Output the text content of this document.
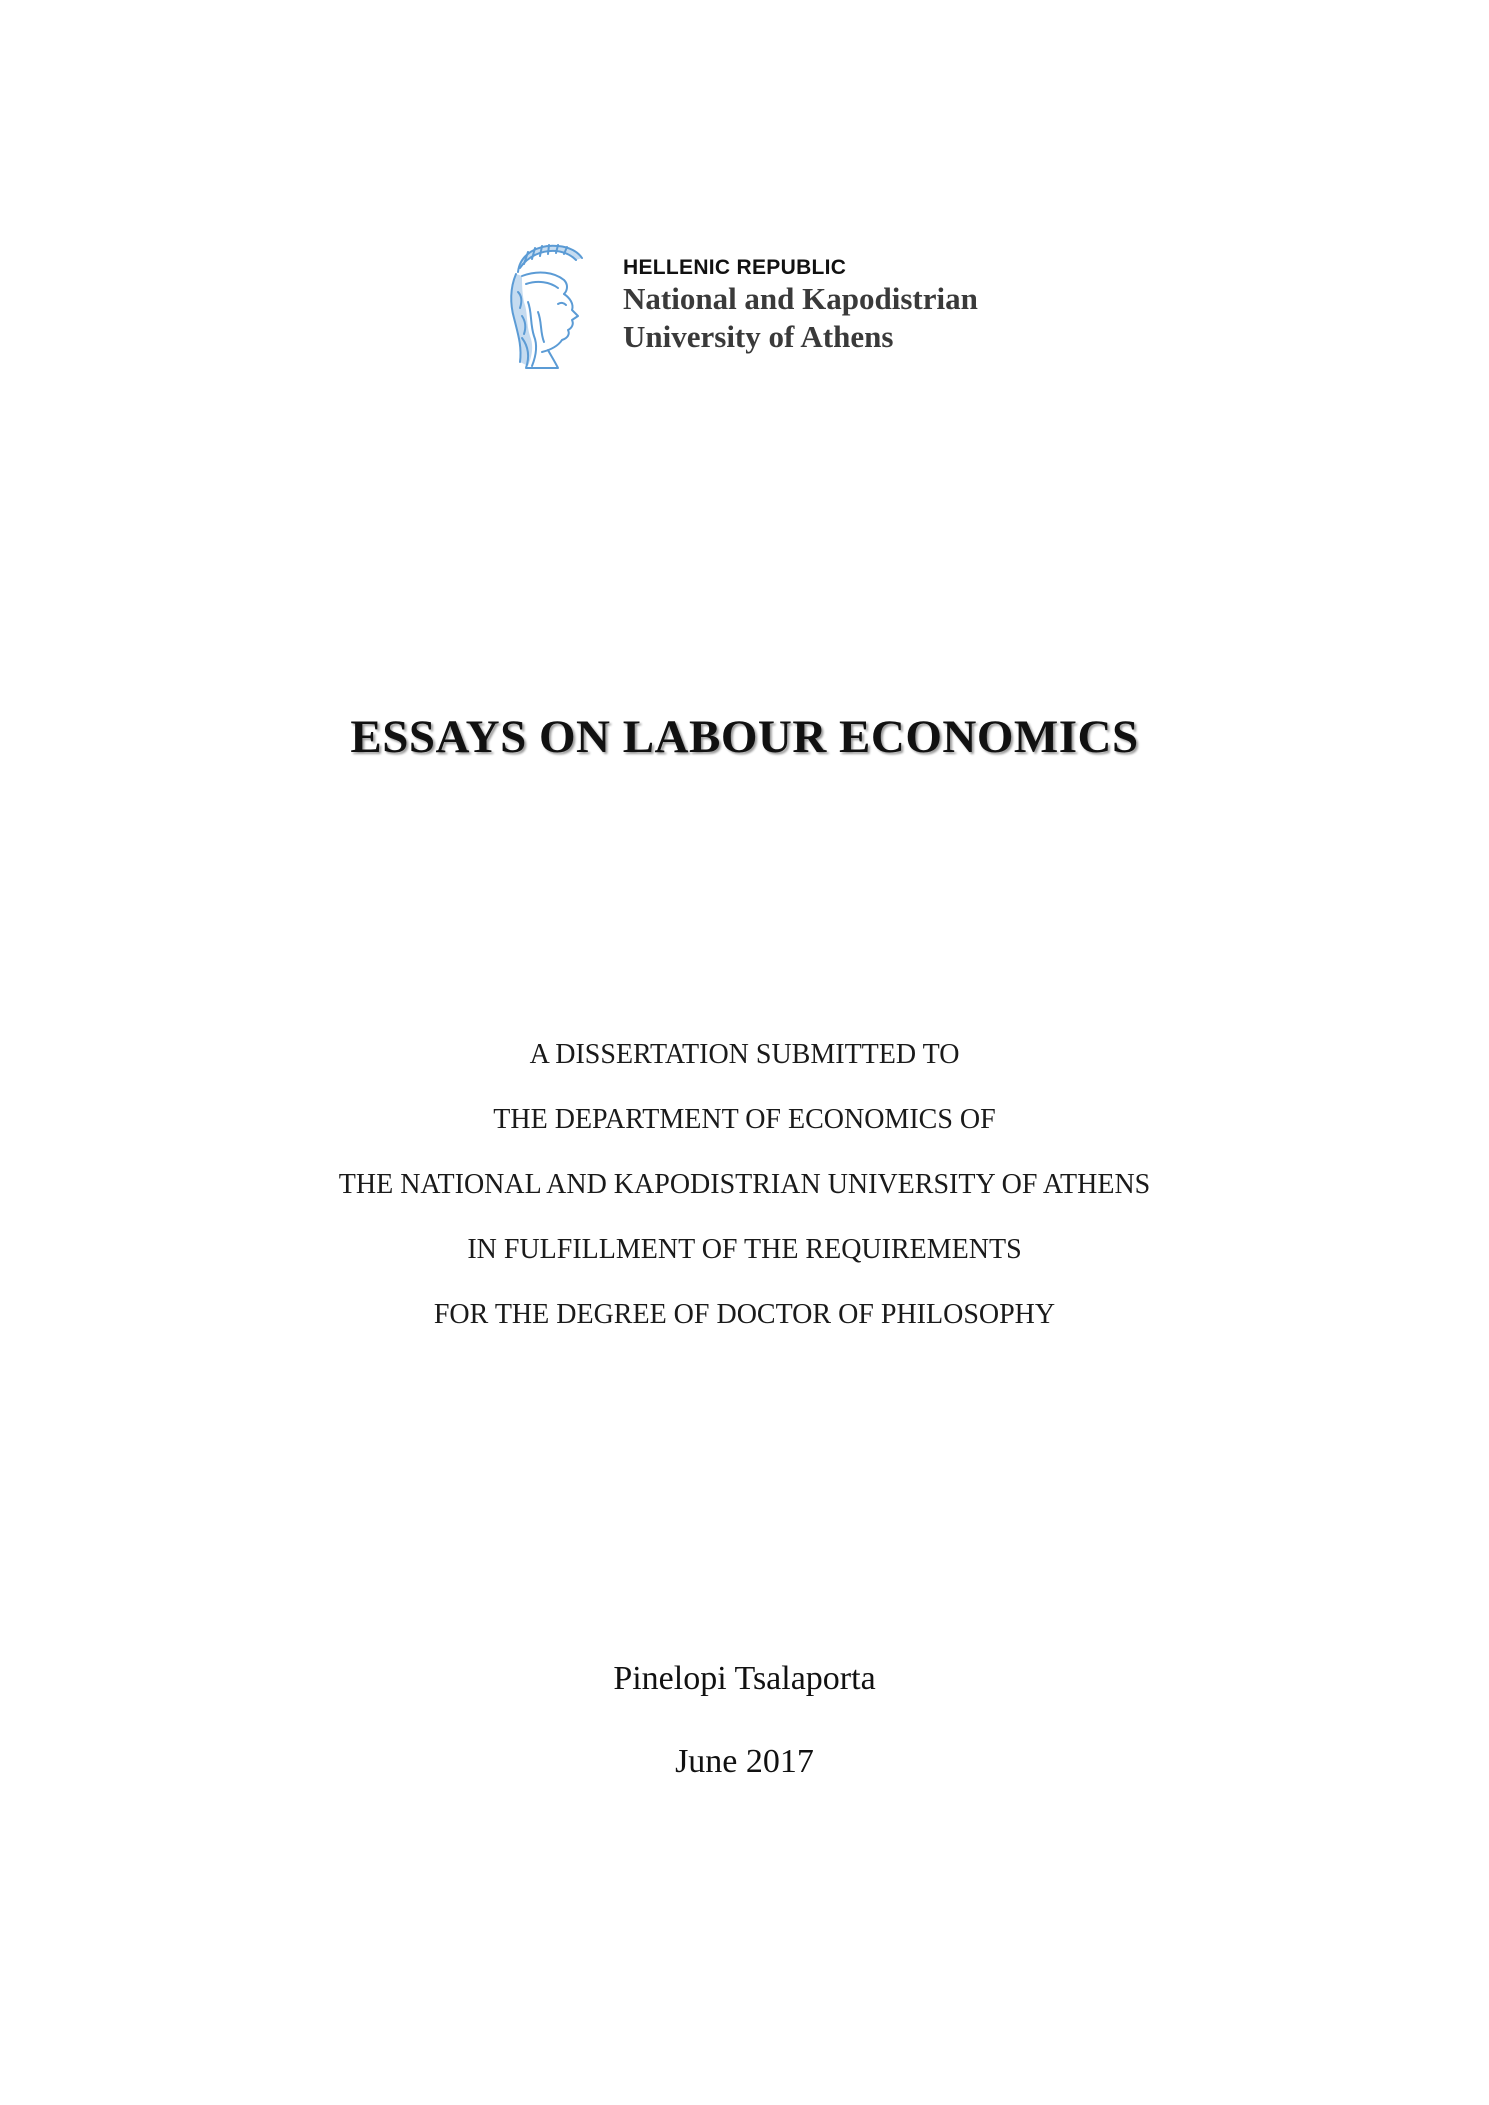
HELLENIC REPUBLIC
National and Kapodistrian
University of Athens
ESSAYS ON LABOUR ECONOMICS
A DISSERTATION SUBMITTED TO
THE DEPARTMENT OF ECONOMICS OF
THE NATIONAL AND KAPODISTRIAN UNIVERSITY OF ATHENS
IN FULFILLMENT OF THE REQUIREMENTS
FOR THE DEGREE OF DOCTOR OF PHILOSOPHY
Pinelopi Tsalaporta
June 2017
